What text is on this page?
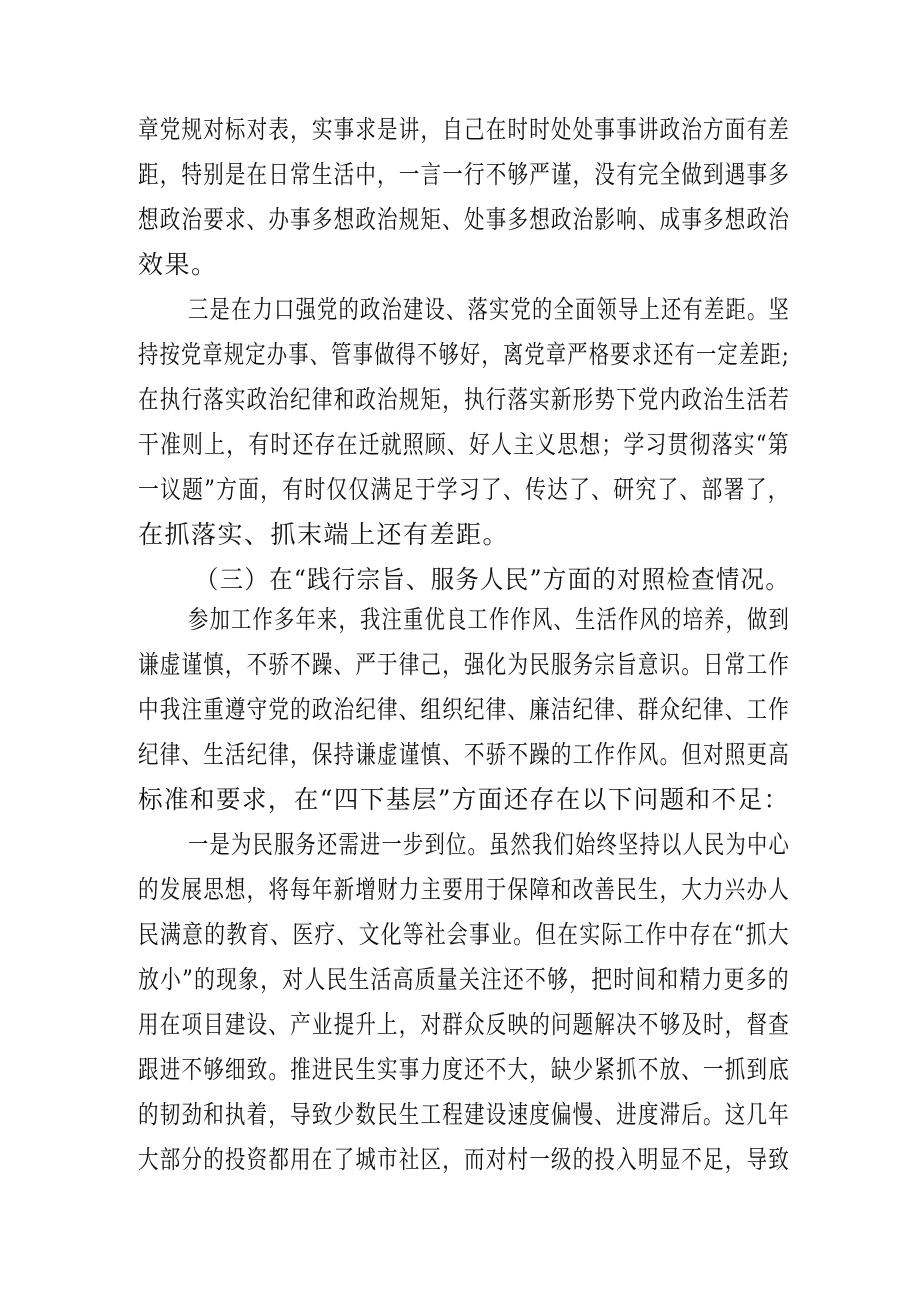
章党规对标对表，实事求是讲，自己在时时处处事事讲政治方面有差
距，特别是在日常生活中，一言一行不够严谨，没有完全做到遇事多
想政治要求、办事多想政治规矩、处事多想政治影响、成事多想政治
效果。
三是在力口强党的政治建设、落实党的全面领导上还有差距。坚
持按党章规定办事、管事做得不够好，离党章严格要求还有一定差距;
在执行落实政治纪律和政治规矩，执行落实新形势下党内政治生活若
干准则上，有时还存在迁就照顾、好人主义思想；学习贯彻落实“第
一议题”方面，有时仅仅满足于学习了、传达了、研究了、部署了，
在抓落实、抓末端上还有差距。
（三）在“践行宗旨、服务人民”方面的对照检查情况。
参加工作多年来，我注重优良工作作风、生活作风的培养，做到
谦虚谨慎，不骄不躁、严于律己，强化为民服务宗旨意识。日常工作
中我注重遵守党的政治纪律、组织纪律、廉洁纪律、群众纪律、工作
纪律、生活纪律，保持谦虚谨慎、不骄不躁的工作作风。但对照更高
标准和要求，在“四下基层”方面还存在以下问题和不足：
一是为民服务还需进一步到位。虽然我们始终坚持以人民为中心
的发展思想，将每年新增财力主要用于保障和改善民生，大力兴办人
民满意的教育、医疗、文化等社会事业。但在实际工作中存在“抓大
放小”的现象，对人民生活高质量关注还不够，把时间和精力更多的
用在项目建设、产业提升上，对群众反映的问题解决不够及时，督查
跟进不够细致。推进民生实事力度还不大，缺少紧抓不放、一抓到底
的韧劲和执着，导致少数民生工程建设速度偏慢、进度滞后。这几年
大部分的投资都用在了城市社区，而对村一级的投入明显不足，导致
